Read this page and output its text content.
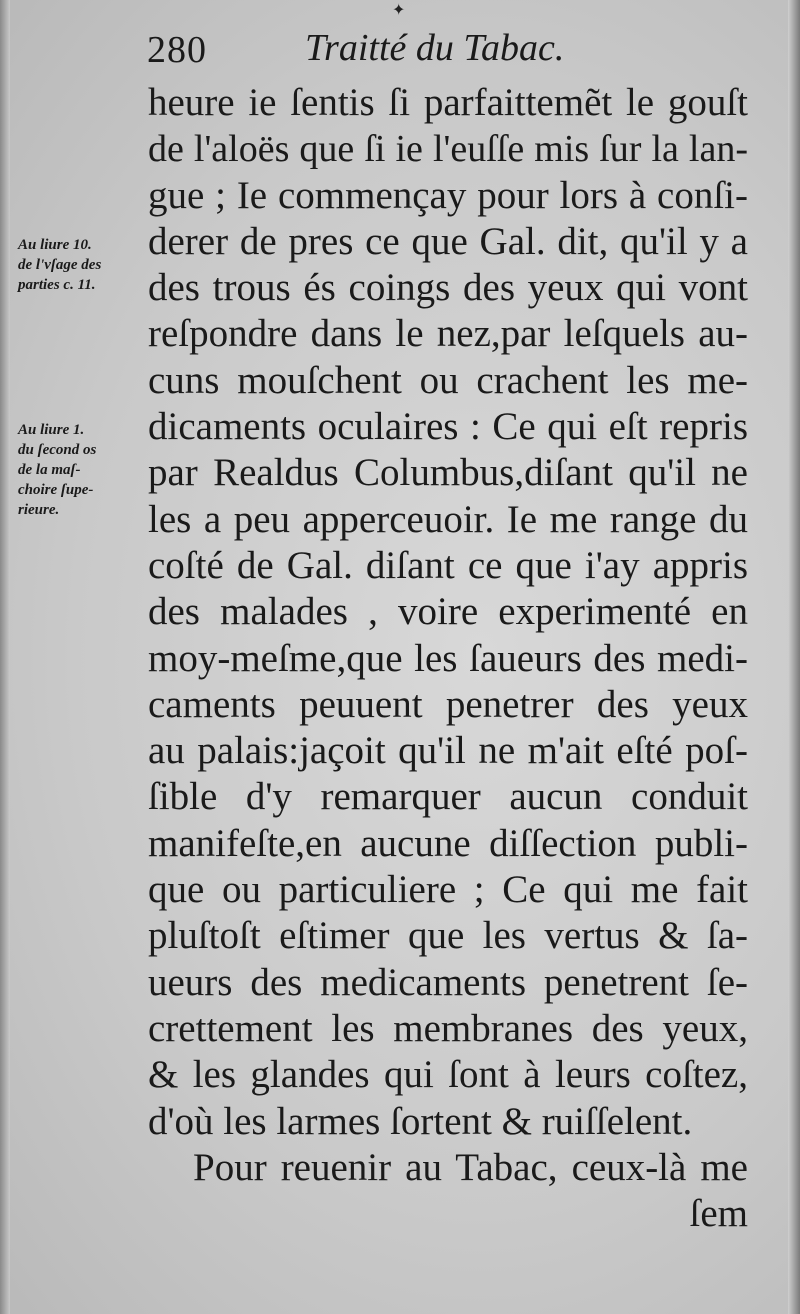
✦
280	Traitté du Tabac.
Au liure 10.
de l'vſage des
parties c. 11.
Au liure 1.
du ſecond os
de la maſ-
choire ſupe-
rieure.
heure ie ſentis ſi parfaittemẽt le gouſt
de l'aloës que ſi ie l'euſſe mis ſur la lan-
gue ; Ie commençay pour lors à conſi-
derer de pres ce que Gal. dit, qu'il y a
des trous és coings des yeux qui vont
reſpondre dans le nez,par leſquels au-
cuns mouſchent ou crachent les me-
dicaments oculaires : Ce qui eſt repris
par Realdus Columbus,diſant qu'il ne
les a peu apperceuoir. Ie me range du
coſté de Gal. diſant ce que i'ay appris
des malades , voire experimenté en
moy-meſme,que les ſaueurs des medi-
caments peuuent penetrer des yeux
au palais:jaçoit qu'il ne m'ait eſté poſ-
ſible d'y remarquer aucun conduit
manifeſte,en aucune diſſection publi-
que ou particuliere ; Ce qui me fait
pluſtoſt eſtimer que les vertus & ſa-
ueurs des medicaments penetrent ſe-
crettement les membranes des yeux,
& les glandes qui ſont à leurs coſtez,
d'où les larmes ſortent & ruiſſelent.
Pour reuenir au Tabac, ceux-là me
ſem
